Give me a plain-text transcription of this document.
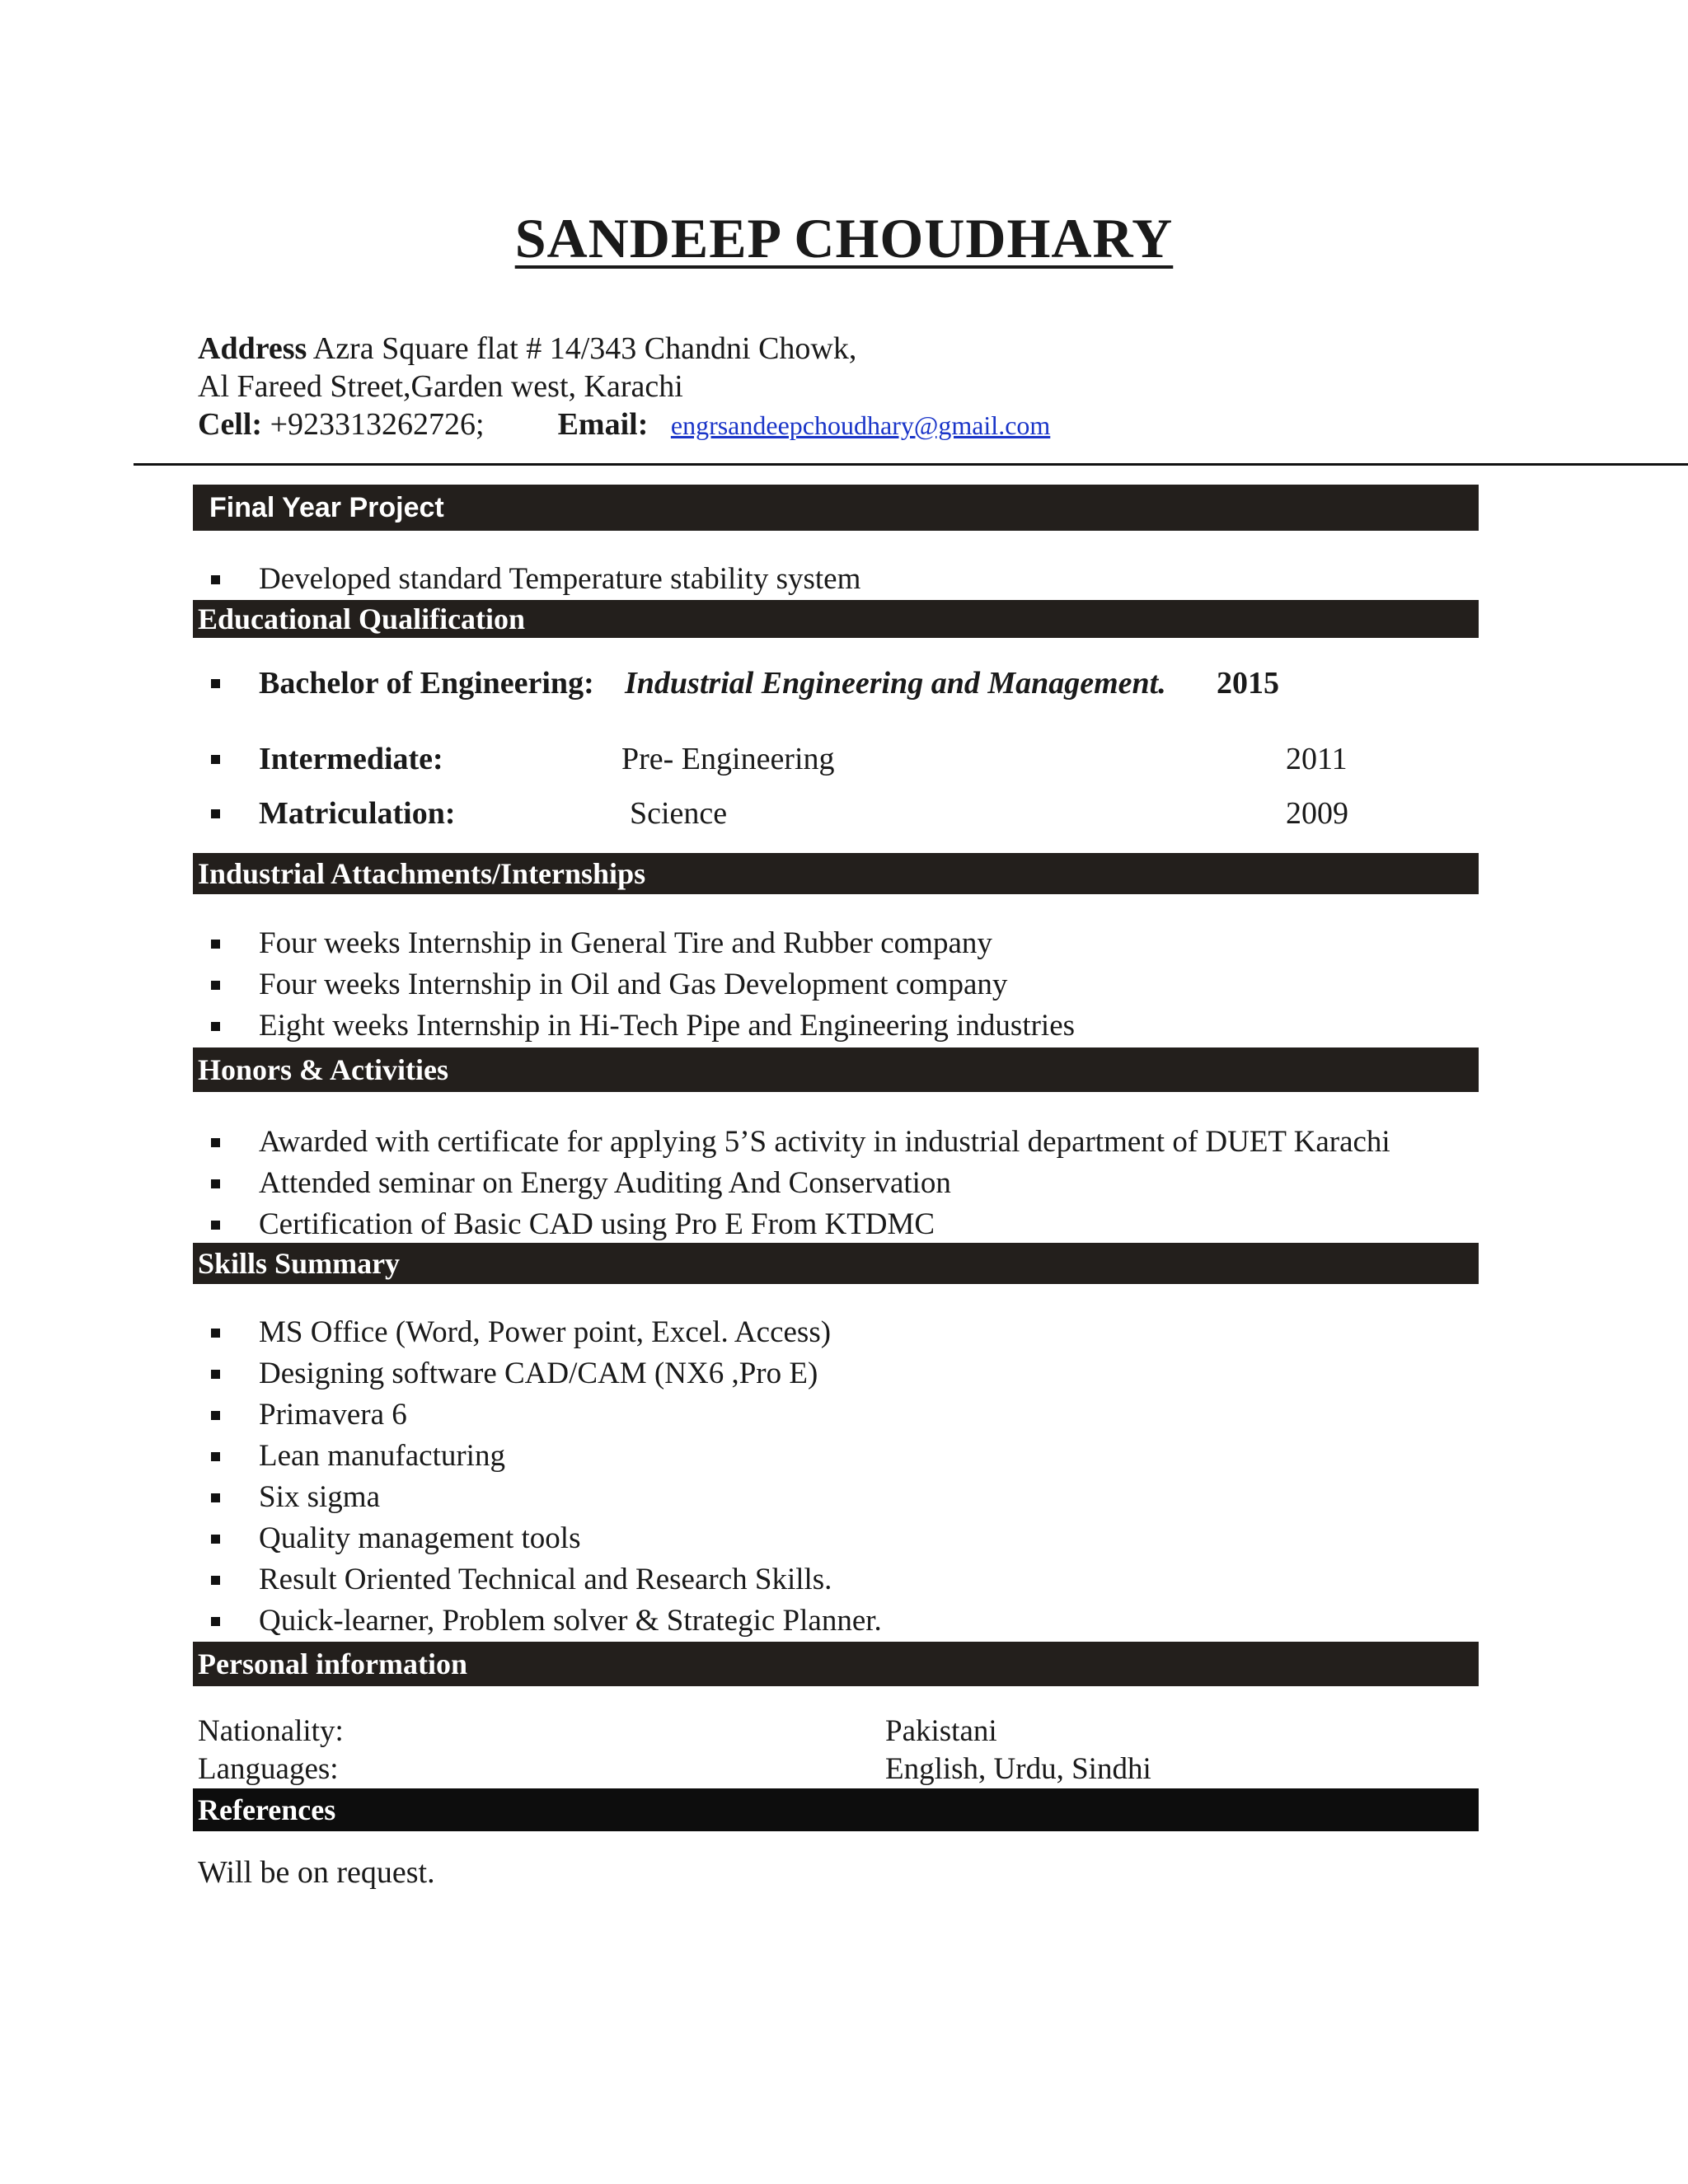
SANDEEP CHOUDHARY
Address Azra Square flat # 14/343 Chandni Chowk,
Al Fareed Street,Garden west, Karachi
Cell: +923313262726; Email: engrsandeepchoudhary@gmail.com
Final Year Project
Developed standard Temperature stability system
Educational Qualification
Bachelor of Engineering: Industrial Engineering and Management. 2015
Intermediate:	Pre- Engineering	2011
Matriculation:	Science	2009
Industrial Attachments/Internships
Four weeks Internship in General Tire and Rubber company
Four weeks Internship in Oil and Gas Development company
Eight weeks Internship in Hi-Tech Pipe and Engineering industries
Honors & Activities
Awarded with certificate for applying 5’S activity in industrial department of DUET Karachi
Attended seminar on Energy Auditing And Conservation
Certification of Basic CAD using Pro E From KTDMC
Skills Summary
MS Office (Word, Power point, Excel. Access)
Designing software CAD/CAM (NX6 ,Pro E)
Primavera 6
Lean manufacturing
Six sigma
Quality management tools
Result Oriented Technical and Research Skills.
Quick-learner, Problem solver & Strategic Planner.
Personal information
Nationality:	Pakistani
Languages:	English, Urdu, Sindhi
References
Will be on request.
